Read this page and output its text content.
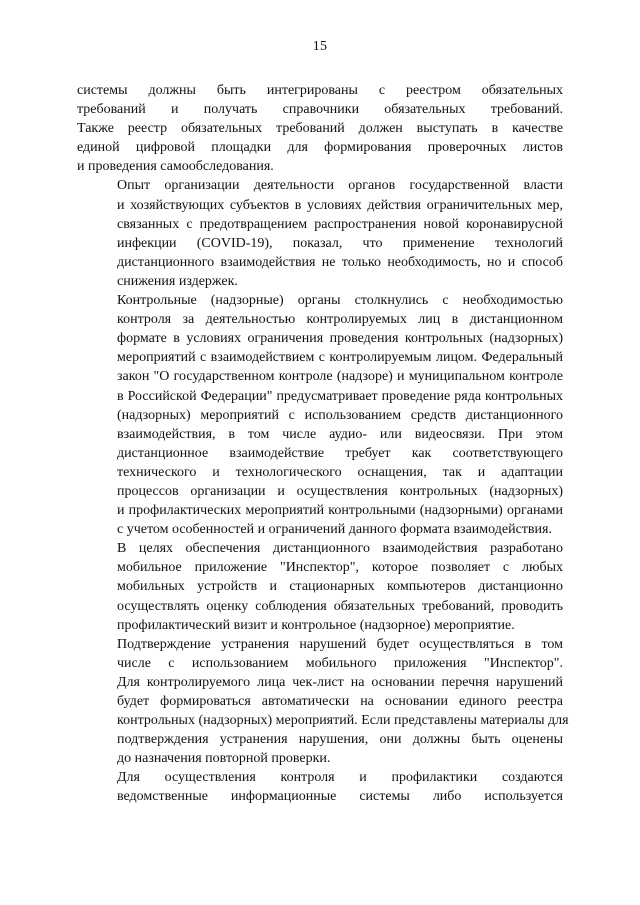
15
системы должны быть интегрированы с реестром обязательных
требований и получать справочники обязательных требований.
Также реестр обязательных требований должен выступать в качестве
единой цифровой площадки для формирования проверочных листов
и проведения самообследования.
Опыт организации деятельности органов государственной власти
и хозяйствующих субъектов в условиях действия ограничительных мер,
связанных с предотвращением распространения новой коронавирусной
инфекции (COVID-19), показал, что применение технологий
дистанционного взаимодействия не только необходимость, но и способ
снижения издержек.
Контрольные (надзорные) органы столкнулись с необходимостью
контроля за деятельностью контролируемых лиц в дистанционном
формате в условиях ограничения проведения контрольных (надзорных)
мероприятий с взаимодействием с контролируемым лицом. Федеральный
закон "О государственном контроле (надзоре) и муниципальном контроле
в Российской Федерации" предусматривает проведение ряда контрольных
(надзорных) мероприятий с использованием средств дистанционного
взаимодействия, в том числе аудио- или видеосвязи. При этом
дистанционное взаимодействие требует как соответствующего
технического и технологического оснащения, так и адаптации
процессов организации и осуществления контрольных (надзорных)
и профилактических мероприятий контрольными (надзорными) органами
с учетом особенностей и ограничений данного формата взаимодействия.
В целях обеспечения дистанционного взаимодействия разработано
мобильное приложение "Инспектор", которое позволяет с любых
мобильных устройств и стационарных компьютеров дистанционно
осуществлять оценку соблюдения обязательных требований, проводить
профилактический визит и контрольное (надзорное) мероприятие.
Подтверждение устранения нарушений будет осуществляться в том
числе с использованием мобильного приложения "Инспектор".
Для контролируемого лица чек-лист на основании перечня нарушений
будет формироваться автоматически на основании единого реестра
контрольных (надзорных) мероприятий. Если представлены материалы для
подтверждения устранения нарушения, они должны быть оценены
до назначения повторной проверки.
Для осуществления контроля и профилактики создаются
ведомственные информационные системы либо используется
